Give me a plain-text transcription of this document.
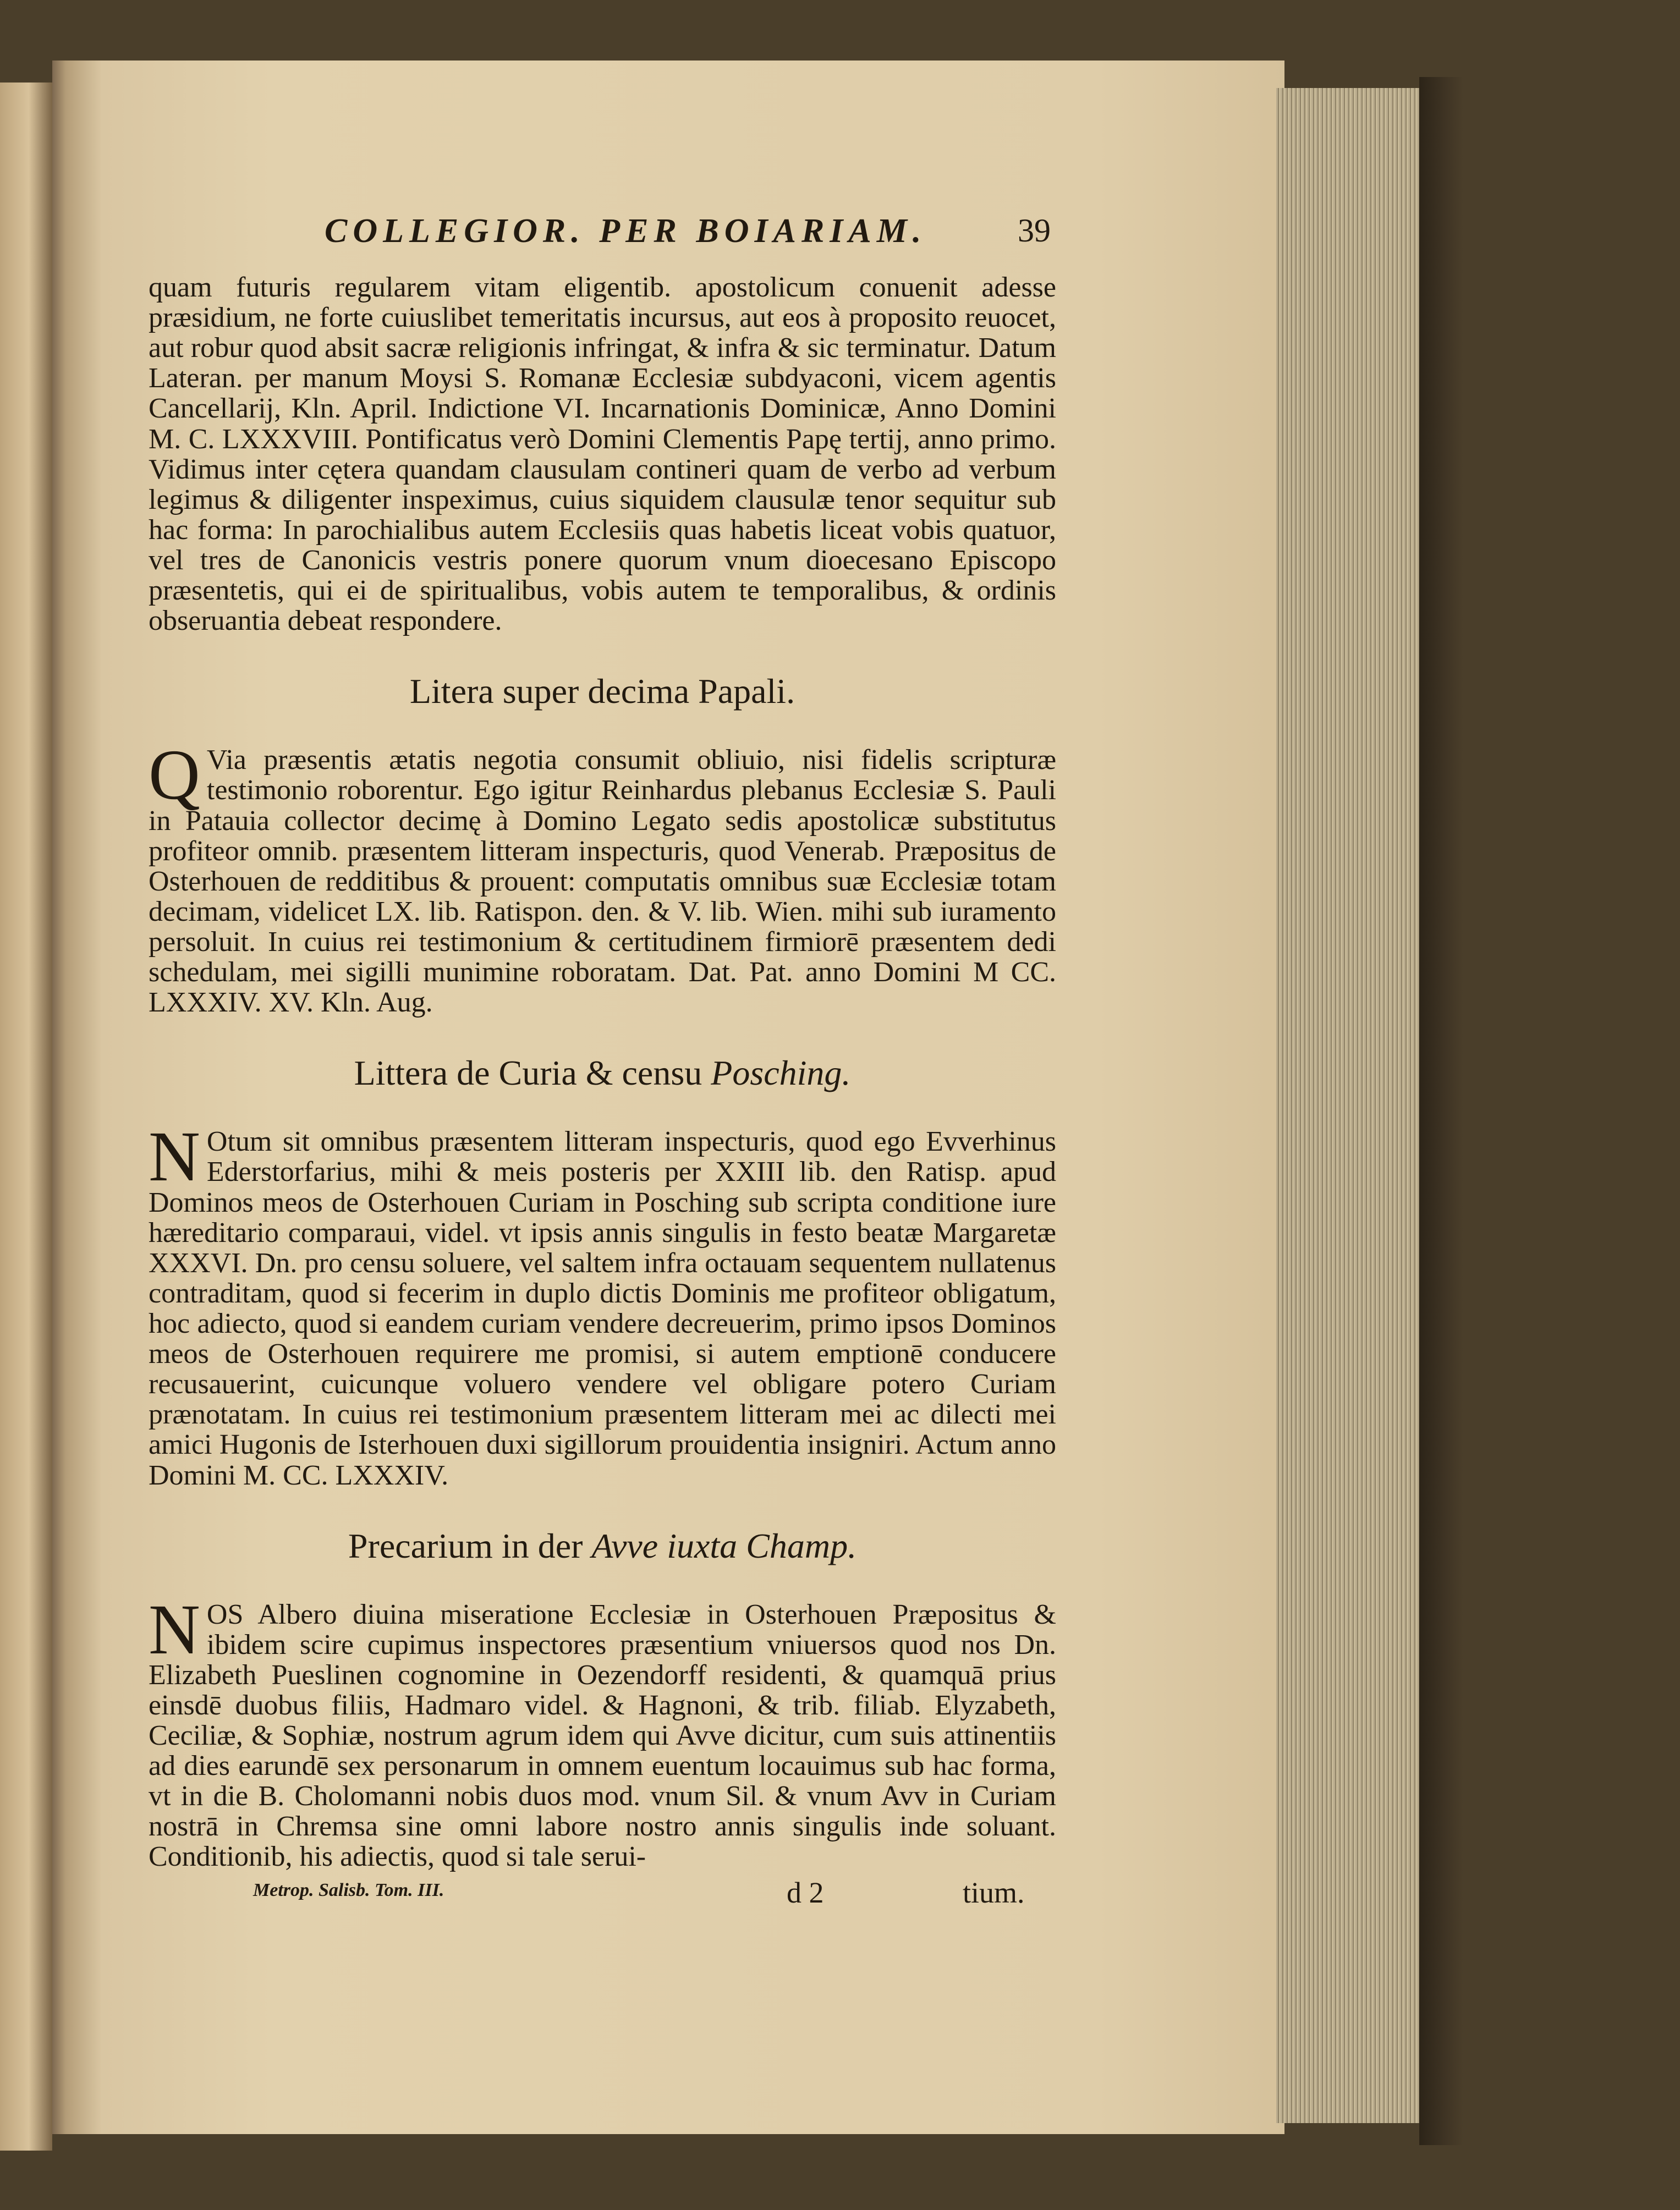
COLLEGIOR. PER BOIARIAM.	39

quam futuris regularem vitam eligentib. apostolicum conuenit adesse præsidium, ne forte cuiuslibet temeritatis incursus, aut eos à proposito reuocet, aut robur quod absit sacræ religionis infringat, & infra & sic terminatur. Datum Lateran. per manum Moysi S. Romanæ Ecclesiæ subdyaconi, vicem agentis Cancellarij, Kln. April. Indictione VI. Incarnationis Dominicæ, Anno Domini M. C. LXXXVIII. Pontificatus verò Domini Clementis Papę tertij, anno primo. Vidimus inter cętera quandam clausulam contineri quam de verbo ad verbum legimus & diligenter inspeximus, cuius siquidem clausulæ tenor sequitur sub hac forma: In parochialibus autem Ecclesiis quas habetis liceat vobis quatuor, vel tres de Canonicis vestris ponere quorum vnum dioecesano Episcopo præsentetis, qui ei de spiritualibus, vobis autem te temporalibus, & ordinis obseruantia debeat respondere.

Litera super decima Papali.
Q Via præsentis ætatis negotia consumit obliuio, nisi fidelis scripturæ testimonio roborentur. Ego igitur Reinhardus plebanus Ecclesiæ S. Pauli in Patauia collector decimę à Domino Legato sedis apostolicæ substitutus profiteor omnib. præsentem litteram inspecturis, quod Venerab. Præpositus de Osterhouen de redditibus & prouent: computatis omnibus suæ Ecclesiæ totam decimam, videlicet LX. lib. Ratispon. den. & V. lib. Wien. mihi sub iuramento persoluit. In cuius rei testimonium & certitudinem firmiorē præsentem dedi schedulam, mei sigilli munimine roboratam. Dat. Pat. anno Domini M CC. LXXXIV. XV. Kln. Aug.

Littera de Curia & censu Posching.
N Otum sit omnibus præsentem litteram inspecturis, quod ego Evverhinus Ederstorfarius, mihi & meis posteris per XXIII lib. den Ratisp. apud Dominos meos de Osterhouen Curiam in Posching sub scripta conditione iure hæreditario comparaui, videl. vt ipsis annis singulis in festo beatæ Margaretæ XXXVI. Dn. pro censu soluere, vel saltem infra octauam sequentem nullatenus contraditam, quod si fecerim in duplo dictis Dominis me profiteor obligatum, hoc adiecto, quod si eandem curiam vendere decreuerim, primo ipsos Dominos meos de Osterhouen requirere me promisi, si autem emptionē conducere recusauerint, cuicunque voluero vendere vel obligare potero Curiam prænotatam. In cuius rei testimonium præsentem litteram mei ac dilecti mei amici Hugonis de Isterhouen duxi sigillorum prouidentia insigniri. Actum anno Domini M. CC. LXXXIV.

Precarium in der Avve iuxta Champ.
N OS Albero diuina miseratione Ecclesiæ in Osterhouen Præpositus & ibidem scire cupimus inspectores præsentium vniuersos quod nos Dn. Elizabeth Pueslinen cognomine in Oezendorff residenti, & quamquā prius einsdē duobus filiis, Hadmaro videl. & Hagnoni, & trib. filiab. Elyzabeth, Ceciliæ, & Sophiæ, nostrum agrum idem qui Avve dicitur, cum suis attinentiis ad dies earundē sex personarum in omnem euentum locauimus sub hac forma, vt in die B. Cholomanni nobis duos mod. vnum Sil. & vnum Avv in Curiam nostrā in Chremsa sine omni labore nostro annis singulis inde soluant. Conditionib, his adiectis, quod si tale serui-

Metrop. Salisb. Tom. III.	d 2	tium.
